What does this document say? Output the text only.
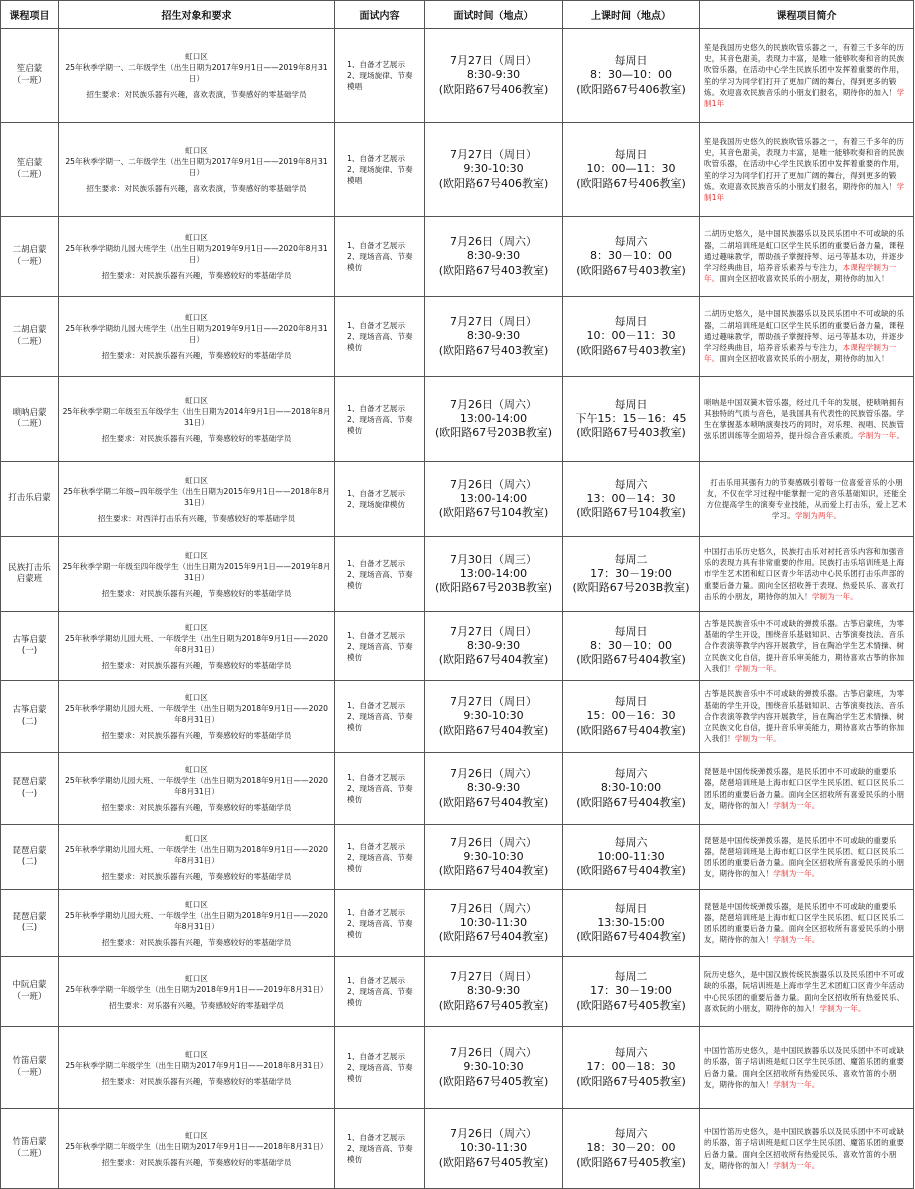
课程项目	招生对象和要求	面试内容	面试时间（地点）	上课时间（地点）	课程项目简介

笙启蒙
（一班）	虹口区
25年秋季学期一、二年级学生（出生日期为2017年9月1日——2019年8月31日）
招生要求：对民族乐器有兴趣，喜欢表演，节奏感好的零基础学员	1、自备才艺展示
2、现场旋律、节奏模唱	7月27日（周日）
8:30-9:30
(欧阳路67号406教室)	每周日
8：30—10：00
(欧阳路67号406教室)	笙是我国历史悠久的民族吹管乐器之一，有着三千多年的历史，其音色甜美，表现力丰富，是唯一能够吹奏和音的民族吹管乐器，在活动中心学生民族乐团中发挥着重要的作用，笙的学习为同学们打开了更加广阔的舞台，得到更多的锻炼。欢迎喜欢民族音乐的小朋友们报名，期待你的加入！学制1年

笙启蒙
（二班）	虹口区
25年秋季学期一、二年级学生（出生日期为2017年9月1日——2019年8月31日）
招生要求：对民族乐器有兴趣，喜欢表演，节奏感好的零基础学员	1、自备才艺展示
2、现场旋律、节奏模唱	7月27日（周日）
9:30-10:30
(欧阳路67号406教室)	每周日
10：00—11：30
(欧阳路67号406教室)	笙是我国历史悠久的民族吹管乐器之一，有着三千多年的历史，其音色甜美，表现力丰富，是唯一能够吹奏和音的民族吹管乐器，在活动中心学生民族乐团中发挥着重要的作用，笙的学习为同学们打开了更加广阔的舞台，得到更多的锻炼。欢迎喜欢民族音乐的小朋友们报名，期待你的加入！学制1年

二胡启蒙
（一班）	虹口区
25年秋季学期幼儿园大班学生（出生日期为2019年9月1日——2020年8月31日）
招生要求：对民族乐器有兴趣，节奏感较好的零基础学员	1、自备才艺展示
2、现场音高、节奏模仿	7月26日（周六）
8:30-9:30
(欧阳路67号403教室)	每周六
8：30－10：00
(欧阳路67号403教室)	二胡历史悠久，是中国民族器乐以及民乐团中不可或缺的乐器，二胡培训班是虹口区学生民乐团的重要后备力量，课程通过趣味教学，帮助孩子掌握持琴、运弓等基本功，并逐步学习经典曲目，培养音乐素养与专注力，本课程学制为一年。面向全区招收喜欢民乐的小朋友，期待你的加入！

二胡启蒙
（二班）	虹口区
25年秋季学期幼儿园大班学生（出生日期为2019年9月1日——2020年8月31日）
招生要求：对民族乐器有兴趣，节奏感较好的零基础学员	1、自备才艺展示
2、现场音高、节奏模仿	7月27日（周日）
8:30-9:30
(欧阳路67号403教室)	每周日
10：00－11：30
(欧阳路67号403教室)	二胡历史悠久，是中国民族器乐以及民乐团中不可或缺的乐器，二胡培训班是虹口区学生民乐团的重要后备力量，课程通过趣味教学，帮助孩子掌握持琴、运弓等基本功，并逐步学习经典曲目，培养音乐素养与专注力，本课程学制为一年。面向全区招收喜欢民乐的小朋友，期待你的加入！

唢呐启蒙
（二班）	虹口区
25年秋季学期二年级至五年级学生（出生日期为2014年9月1日——2018年8月31日）
招生要求：对民族乐器有兴趣，节奏感较好的零基础学员	1、自备才艺展示
2、现场音高、节奏模仿	7月26日（周六）
13:00-14:00
(欧阳路67号203B教室)	每周日
下午15：15－16：45
(欧阳路67号403教室)	唢呐是中国双簧木管乐器，经过几千年的发展，使唢呐拥有其独特的气质与音色，是我国具有代表性的民族管乐器。学生在掌握基本唢呐演奏技巧的同时，对乐理、视唱、民族管弦乐团训练等全面培养，提升综合音乐素质。学制为一年。

打击乐启蒙	虹口区
25年秋季学期二年级~四年级学生（出生日期为2015年9月1日——2018年8月31日）
招生要求：对西洋打击乐有兴趣，节奏感较好的零基础学员	1、自备才艺展示
2、现场旋律模仿	7月26日（周六）
13:00-14:00
(欧阳路67号104教室)	每周六
13：00－14：30
(欧阳路67号104教室)	打击乐用其强有力的节奏感吸引着每一位喜爱音乐的小朋友，不仅在学习过程中能掌握一定的音乐基础知识，还能全方位提高学生的演奏专业技能，从而爱上打击乐，爱上艺术学习。学制为两年。

民族打击乐
启蒙班	虹口区
25年秋季学期一年级至四年级学生（出生日期为2015年9月1日——2019年8月31日）
招生要求：对民族乐器有兴趣，节奏感较好的零基础学员	1、自备才艺展示
2、现场音高、节奏模仿	7月30日（周三）
13:00-14:00
(欧阳路67号203B教室)	每周二
17：30－19:00
(欧阳路67号203B教室)	中国打击乐历史悠久，民族打击乐对衬托音乐内容和加强音乐的表现力具有非常重要的作用。民族打击乐培训班是上海市学生艺术团和虹口区青少年活动中心民乐团打击乐声部的重要后备力量。面向全区招收善于表现、热爱民乐、喜欢打击乐的小朋友，期待你的加入！学制为一年。

古筝启蒙
(一)	虹口区
25年秋季学期幼儿园大班、一年级学生（出生日期为2018年9月1日——2020年8月31日）
招生要求：对民族乐器有兴趣，节奏感较好的零基础学员	1、自备才艺展示
2、现场音高、节奏模仿	7月27日（周日）
8:30-9:30
(欧阳路67号404教室)	每周日
8：30－10：00
(欧阳路67号404教室)	古筝是民族音乐中不可或缺的弹拨乐器。古筝启蒙班，为零基础的学生开设，围绕音乐基础知识、古筝演奏技法、音乐合作表演等教学内容开展教学，旨在陶冶学生艺术情操、树立民族文化自信，提升音乐审美能力，期待喜欢古筝的你加入我们！学制为一年。

古筝启蒙
(二)	虹口区
25年秋季学期幼儿园大班、一年级学生（出生日期为2018年9月1日——2020年8月31日）
招生要求：对民族乐器有兴趣，节奏感较好的零基础学员	1、自备才艺展示
2、现场音高、节奏模仿	7月27日（周日）
9:30-10:30
(欧阳路67号404教室)	每周日
15：00－16：30
(欧阳路67号404教室)	古筝是民族音乐中不可或缺的弹拨乐器。古筝启蒙班，为零基础的学生开设，围绕音乐基础知识、古筝演奏技法、音乐合作表演等教学内容开展教学，旨在陶冶学生艺术情操、树立民族文化自信，提升音乐审美能力，期待喜欢古筝的你加入我们！学制为一年。

琵琶启蒙
(一)	虹口区
25年秋季学期幼儿园大班、一年级学生（出生日期为2018年9月1日——2020年8月31日）
招生要求：对民族乐器有兴趣，节奏感较好的零基础学员	1、自备才艺展示
2、现场音高、节奏模仿	7月26日（周六）
8:30-9:30
(欧阳路67号404教室)	每周六
8:30-10:00
(欧阳路67号404教室)	琵琶是中国传统弹拨乐器，是民乐团中不可或缺的重要乐器，琵琶培训班是上海市虹口区学生民乐团、虹口区民乐二团乐团的重要后备力量。面向全区招收所有喜爱民乐的小朋友，期待你的加入！学制为一年。

琵琶启蒙
(二)	虹口区
25年秋季学期幼儿园大班、一年级学生（出生日期为2018年9月1日——2020年8月31日）
招生要求：对民族乐器有兴趣，节奏感较好的零基础学员	1、自备才艺展示
2、现场音高、节奏模仿	7月26日（周六）
9:30-10:30
(欧阳路67号404教室)	每周六
10:00-11:30
(欧阳路67号404教室)	琵琶是中国传统弹拨乐器，是民乐团中不可或缺的重要乐器，琵琶培训班是上海市虹口区学生民乐团、虹口区民乐二团乐团的重要后备力量。面向全区招收所有喜爱民乐的小朋友，期待你的加入！学制为一年。

琵琶启蒙
(三)	虹口区
25年秋季学期幼儿园大班、一年级学生（出生日期为2018年9月1日——2020年8月31日）
招生要求：对民族乐器有兴趣，节奏感较好的零基础学员	1、自备才艺展示
2、现场音高、节奏模仿	7月26日（周六）
10:30-11:30
(欧阳路67号404教室)	每周日
13:30-15:00
(欧阳路67号404教室)	琵琶是中国传统弹拨乐器，是民乐团中不可或缺的重要乐器，琵琶培训班是上海市虹口区学生民乐团、虹口区民乐二团乐团的重要后备力量。面向全区招收所有喜爱民乐的小朋友，期待你的加入！学制为一年。

中阮启蒙
（一班）	虹口区
25年秋季学期一年级学生（出生日期为2018年9月1日——2019年8月31日）
招生要求：对乐器有兴趣，节奏感较好的零基础学员	1、自备才艺展示
2、现场音高、节奏模仿	7月27日（周日）
8:30-9:30
(欧阳路67号405教室)	每周二
17：30－19:00
(欧阳路67号405教室)	阮历史悠久，是中国汉族传统民族器乐以及民乐团中不可或缺的乐器，阮培训班是上海市学生艺术团虹口区青少年活动中心民乐团的重要后备力量。面向全区招收所有热爱民乐、喜欢阮的小朋友，期待你的加入！学制为一年。

竹笛启蒙
（一班）	虹口区
25年秋季学期二年级学生（出生日期为2017年9月1日——2018年8月31日）
招生要求：对民族乐器有兴趣，节奏感较好的零基础学员	1、自备才艺展示
2、现场音高、节奏模仿	7月26日（周六）
9:30-10:30
(欧阳路67号405教室)	每周六
17：00－18：30
(欧阳路67号405教室)	中国竹笛历史悠久，是中国民族器乐以及民乐团中不可或缺的乐器，笛子培训班是虹口区学生民乐团、魔笛乐团的重要后备力量。面向全区招收所有热爱民乐、喜欢竹笛的小朋友，期待你的加入！学制为一年。

竹笛启蒙
（二班）	虹口区
25年秋季学期二年级学生（出生日期为2017年9月1日——2018年8月31日）
招生要求：对民族乐器有兴趣，节奏感较好的零基础学员	1、自备才艺展示
2、现场音高、节奏模仿	7月26日（周六）
10:30-11:30
(欧阳路67号405教室)	每周六
18：30－20：00
(欧阳路67号405教室)	中国竹笛历史悠久，是中国民族器乐以及民乐团中不可或缺的乐器，笛子培训班是虹口区学生民乐团、魔笛乐团的重要后备力量。面向全区招收所有热爱民乐、喜欢竹笛的小朋友，期待你的加入！学制为一年。
